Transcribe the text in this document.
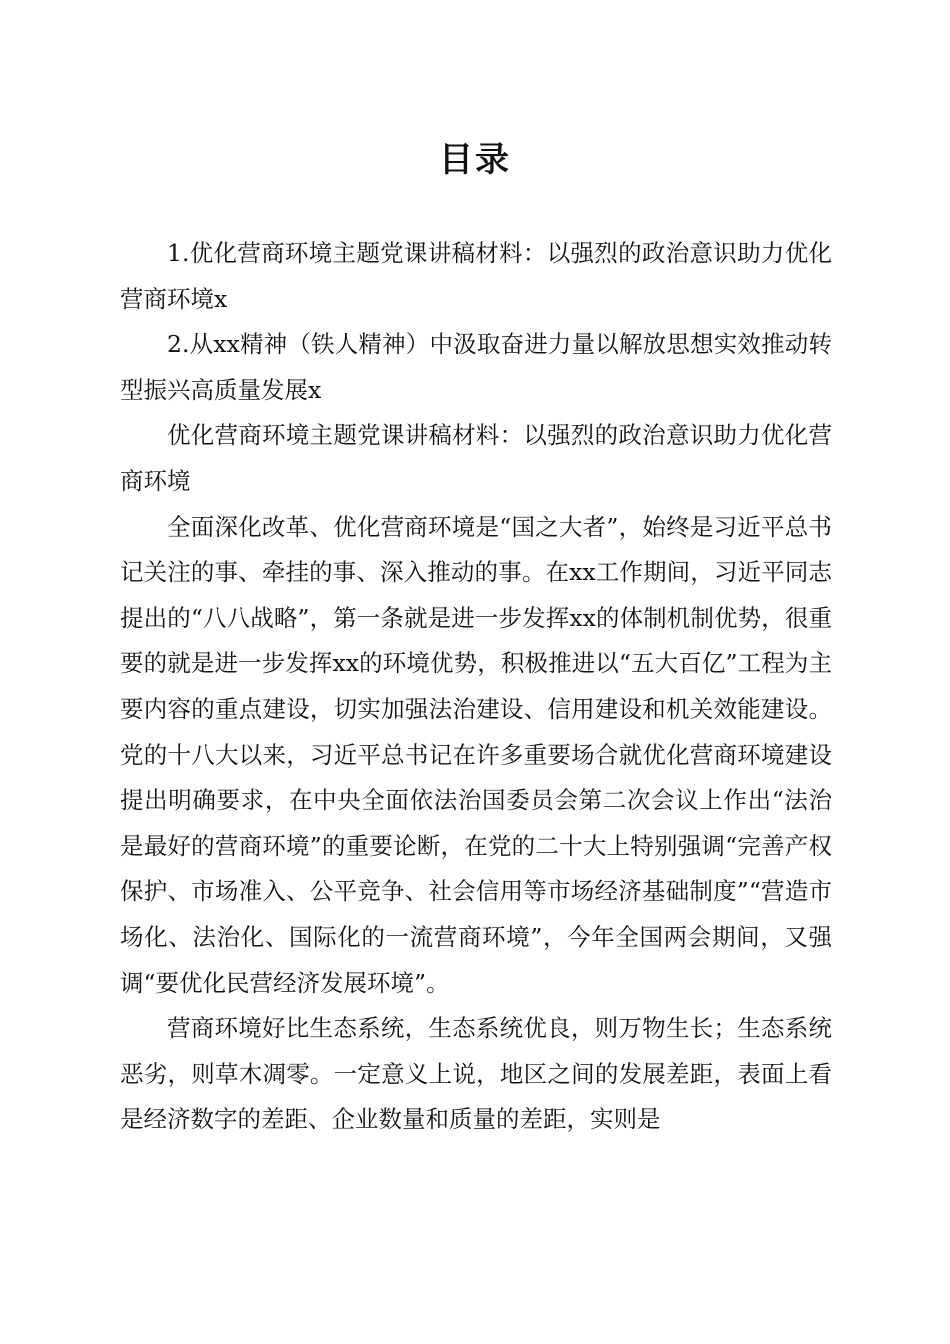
目录

1.优化营商环境主题党课讲稿材料：以强烈的政治意识助力优化营商环境x

2.从xx精神（铁人精神）中汲取奋进力量以解放思想实效推动转型振兴高质量发展x

优化营商环境主题党课讲稿材料：以强烈的政治意识助力优化营商环境

全面深化改革、优化营商环境是“国之大者”，始终是习近平总书记关注的事、牵挂的事、深入推动的事。在xx工作期间，习近平同志提出的“八八战略”，第一条就是进一步发挥xx的体制机制优势，很重要的就是进一步发挥xx的环境优势，积极推进以“五大百亿”工程为主要内容的重点建设，切实加强法治建设、信用建设和机关效能建设。党的十八大以来，习近平总书记在许多重要场合就优化营商环境建设提出明确要求，在中央全面依法治国委员会第二次会议上作出“法治是最好的营商环境”的重要论断，在党的二十大上特别强调“完善产权保护、市场准入、公平竞争、社会信用等市场经济基础制度”“营造市场化、法治化、国际化的一流营商环境”，今年全国两会期间，又强调“要优化民营经济发展环境”。

营商环境好比生态系统，生态系统优良，则万物生长；生态系统恶劣，则草木凋零。一定意义上说，地区之间的发展差距，表面上看是经济数字的差距、企业数量和质量的差距，实则是
